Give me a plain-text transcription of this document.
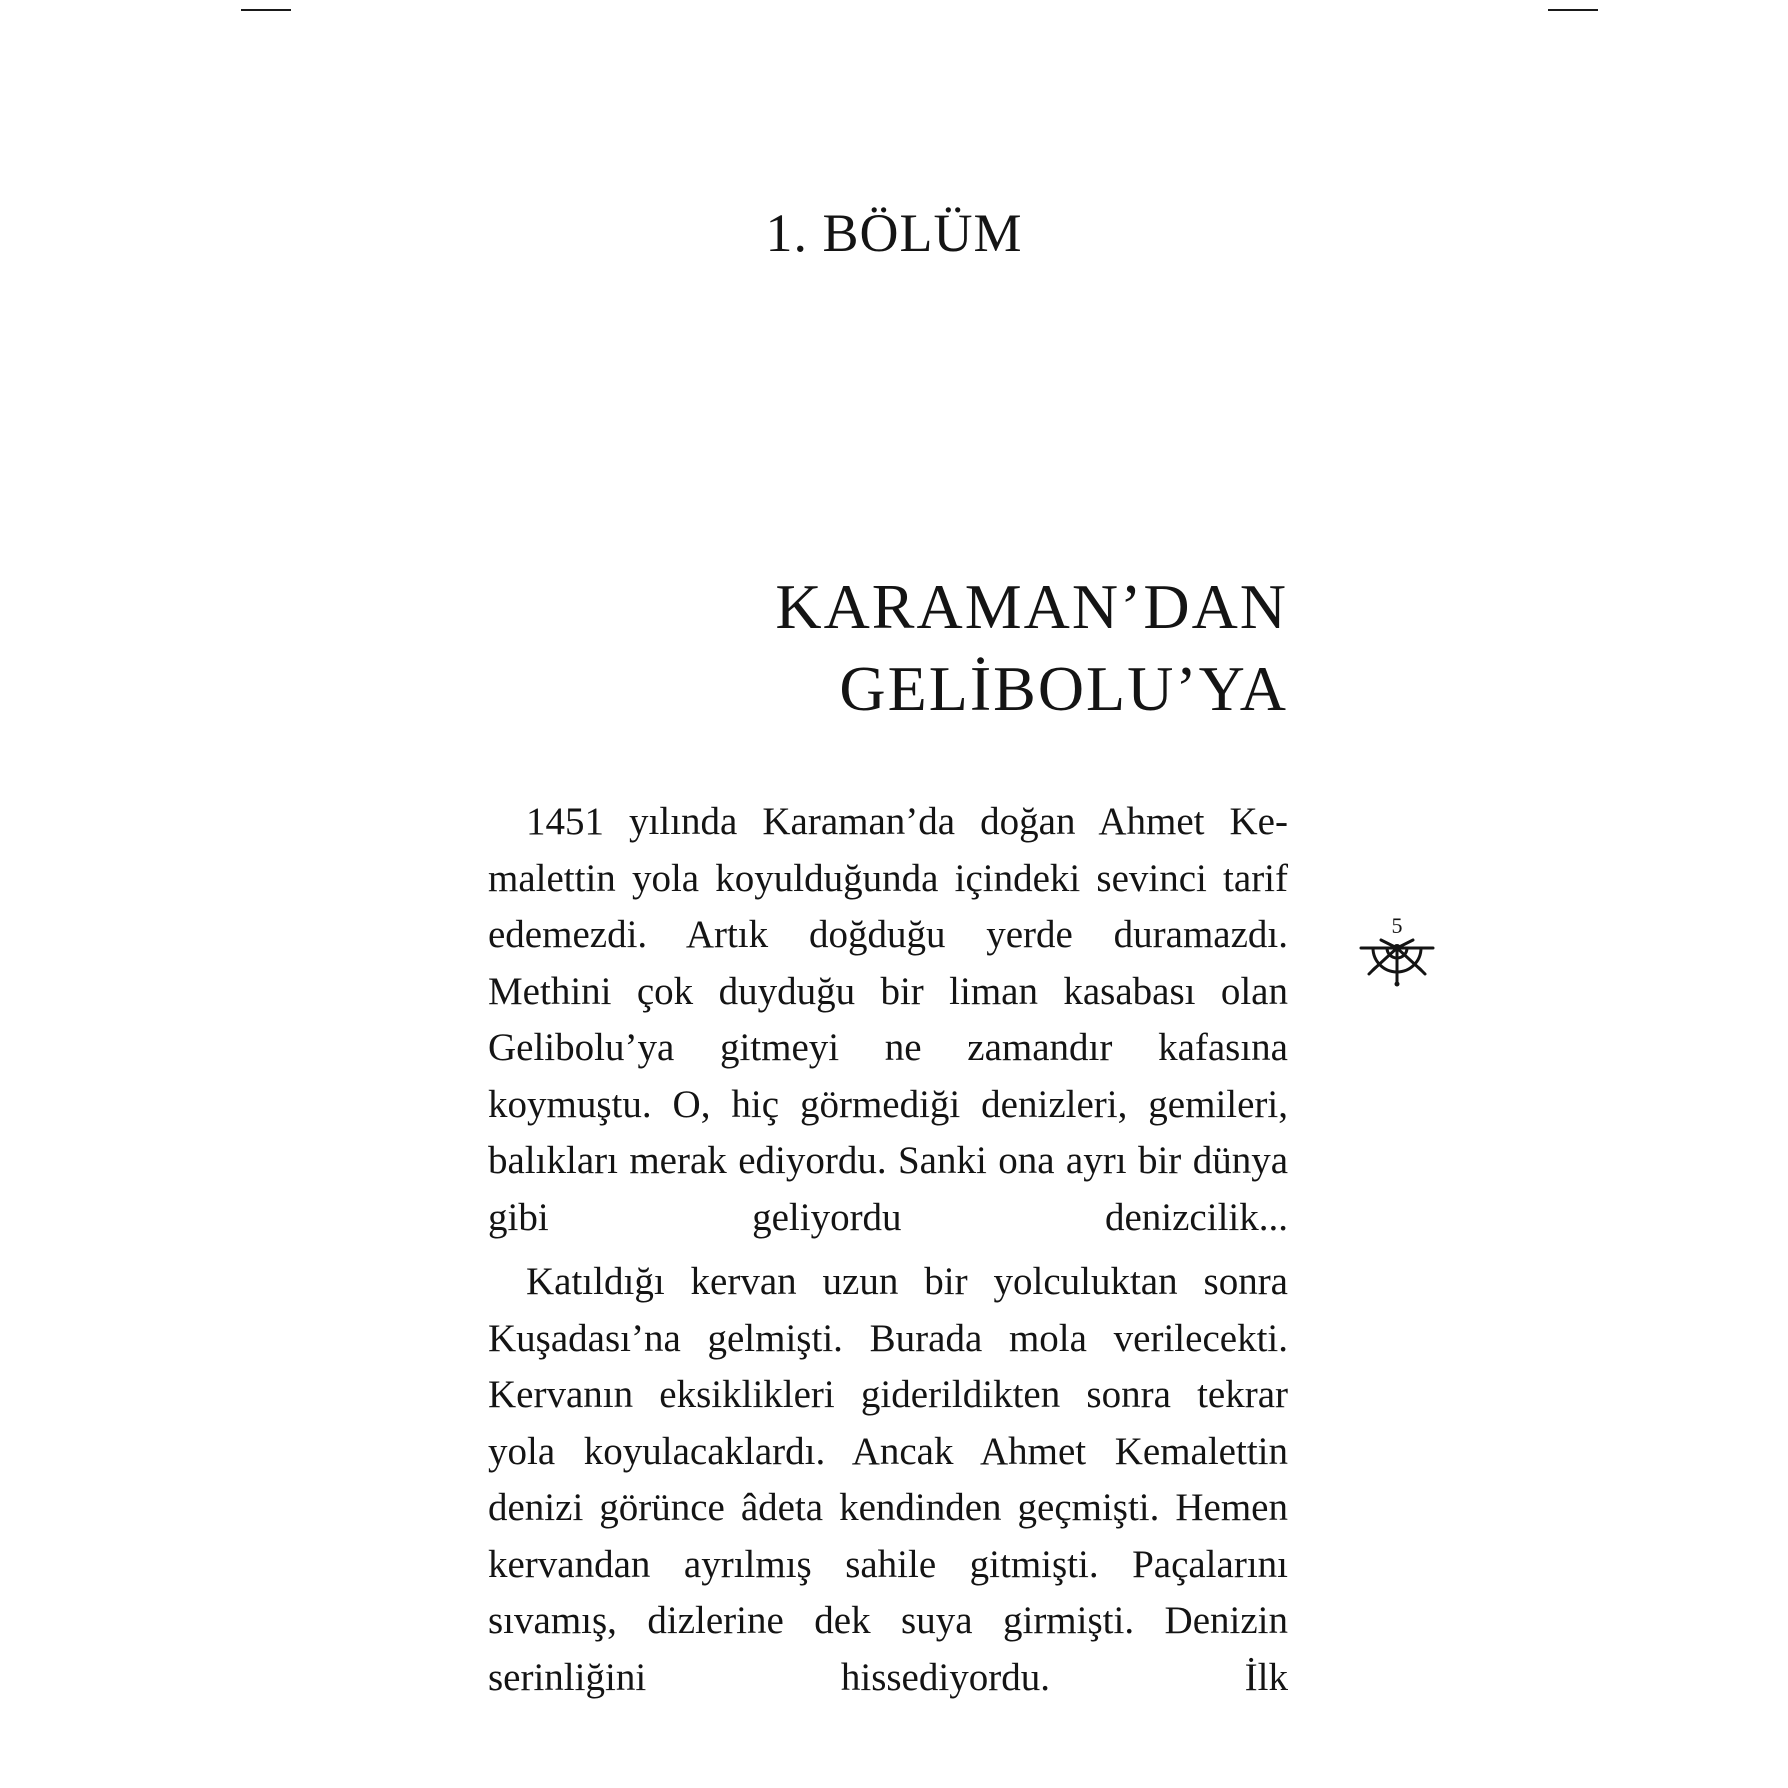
1. BÖLÜM
KARAMAN’DAN
GELİBOLU’YA

1451 yılında Karaman’da doğan Ahmet Kemalettin yola koyulduğunda içindeki sevinci tarif edemezdi. Artık doğduğu yerde duramazdı. Methini çok duyduğu bir liman kasabası olan Gelibolu’ya gitmeyi ne zamandır kafasına koymuştu. O, hiç görmediği denizleri, gemileri, balıkları merak ediyordu. Sanki ona ayrı bir dünya gibi geliyordu denizcilik...

Katıldığı kervan uzun bir yolculuktan sonra Kuşadası’na gelmişti. Burada mola verilecekti. Kervanın eksiklikleri giderildikten sonra tekrar yola koyulacaklardı. Ancak Ahmet Kemalettin denizi görünce âdeta kendinden geçmişti. Hemen kervandan ayrılmış sahile gitmişti. Paçalarını sıvamış, dizlerine dek suya girmişti. Denizin serinliğini hissediyordu. İlk

5
